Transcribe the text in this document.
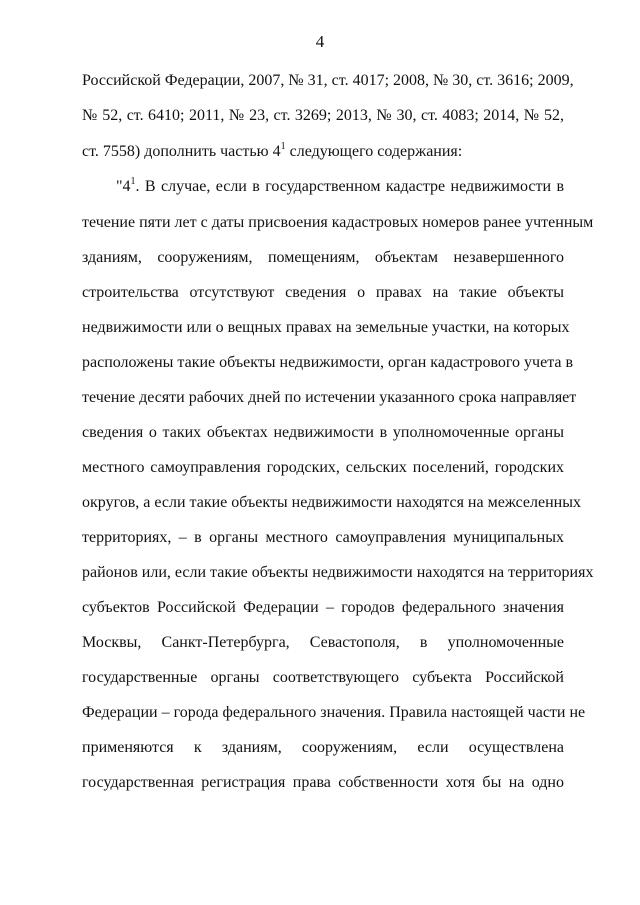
4
Российской Федерации, 2007, № 31, ст. 4017; 2008, № 30, ст. 3616; 2009,
№ 52, ст. 6410; 2011, № 23, ст. 3269; 2013, № 30, ст. 4083; 2014, № 52,
ст. 7558) дополнить частью $4^1$ следующего содержания:
"$4^1$. В случае, если в государственном кадастре недвижимости в
течение пяти лет с даты присвоения кадастровых номеров ранее учтенным
зданиям, сооружениям, помещениям, объектам незавершенного
строительства отсутствуют сведения о правах на такие объекты
недвижимости или о вещных правах на земельные участки, на которых
расположены такие объекты недвижимости, орган кадастрового учета в
течение десяти рабочих дней по истечении указанного срока направляет
сведения о таких объектах недвижимости в уполномоченные органы
местного самоуправления городских, сельских поселений, городских
округов, а если такие объекты недвижимости находятся на межселенных
территориях, – в органы местного самоуправления муниципальных
районов или, если такие объекты недвижимости находятся на территориях
субъектов Российской Федерации – городов федерального значения
Москвы, Санкт-Петербурга, Севастополя, в уполномоченные
государственные органы соответствующего субъекта Российской
Федерации – города федерального значения. Правила настоящей части не
применяются к зданиям, сооружениям, если осуществлена
государственная регистрация права собственности хотя бы на одно
